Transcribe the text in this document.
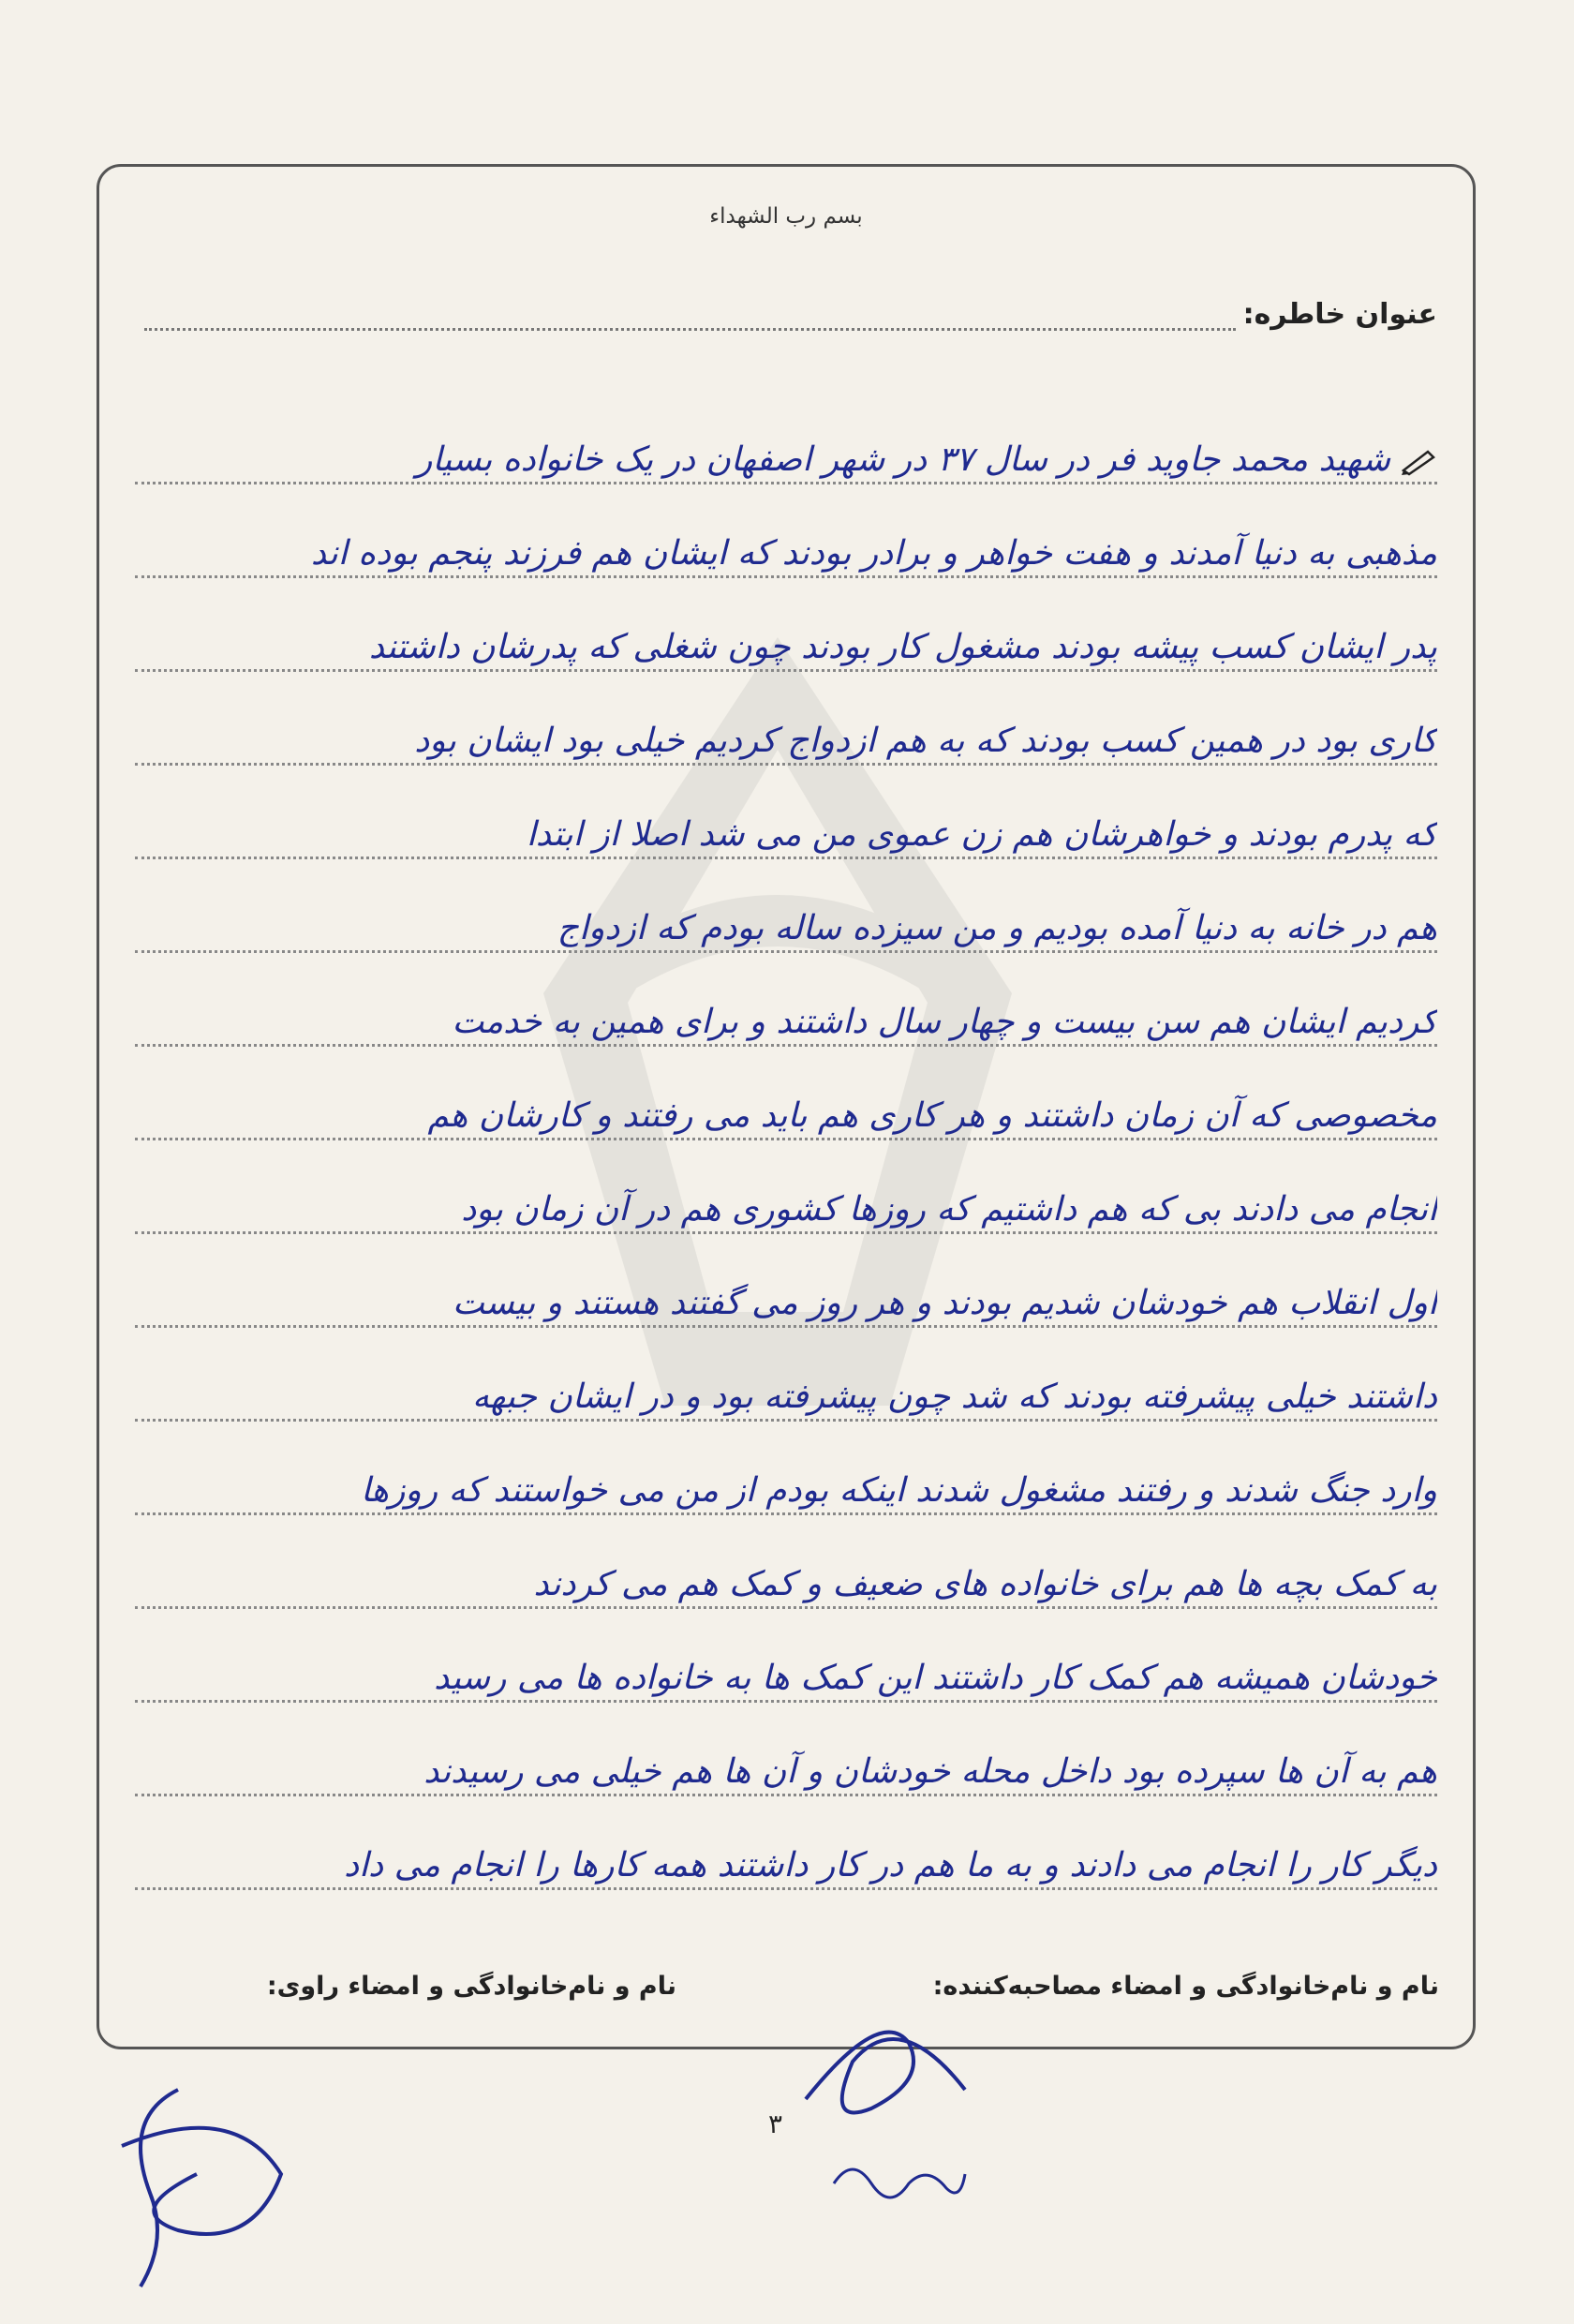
بسم رب الشهداء
عنوان خاطره:
شهید محمد جاوید فر در سال ۳۷ در شهر اصفهان در یک خانواده بسیار
مذهبی به دنیا آمدند و هفت خواهر و برادر بودند که ایشان هم فرزند پنجم بوده اند
پدر ایشان کسب پیشه بودند مشغول کار بودند چون شغلی که پدرشان داشتند
کاری بود در همین کسب بودند که به هم ازدواج کردیم خیلی بود ایشان بود
که پدرم بودند و خواهرشان هم زن عموی من می شد اصلا از ابتدا
هم در خانه به دنیا آمده بودیم و من سیزده ساله بودم که ازدواج
کردیم ایشان هم سن بیست و چهار سال داشتند و برای همین به خدمت
مخصوصی که آن زمان داشتند و هر کاری هم باید می رفتند و کارشان هم
انجام می دادند بی که هم داشتیم که روزها کشوری هم در آن زمان بود
اول انقلاب هم خودشان شدیم بودند و هر روز می گفتند هستند و بیست
داشتند خیلی پیشرفته بودند که شد چون پیشرفته بود و در ایشان جبهه
وارد جنگ شدند و رفتند مشغول شدند اینکه بودم از من می خواستند که روزها
به کمک بچه ها هم برای خانواده های ضعیف و کمک هم می کردند
خودشان همیشه هم کمک کار داشتند این کمک ها به خانواده ها می رسید
هم به آن ها سپرده بود داخل محله خودشان و آن ها هم خیلی می رسیدند
دیگر کار را انجام می دادند و به ما هم در کار داشتند همه کارها را انجام می داد
نام و نام‌خانوادگی و امضاء مصاحبه‌کننده:
نام و نام‌خانوادگی و امضاء راوی:
۳
